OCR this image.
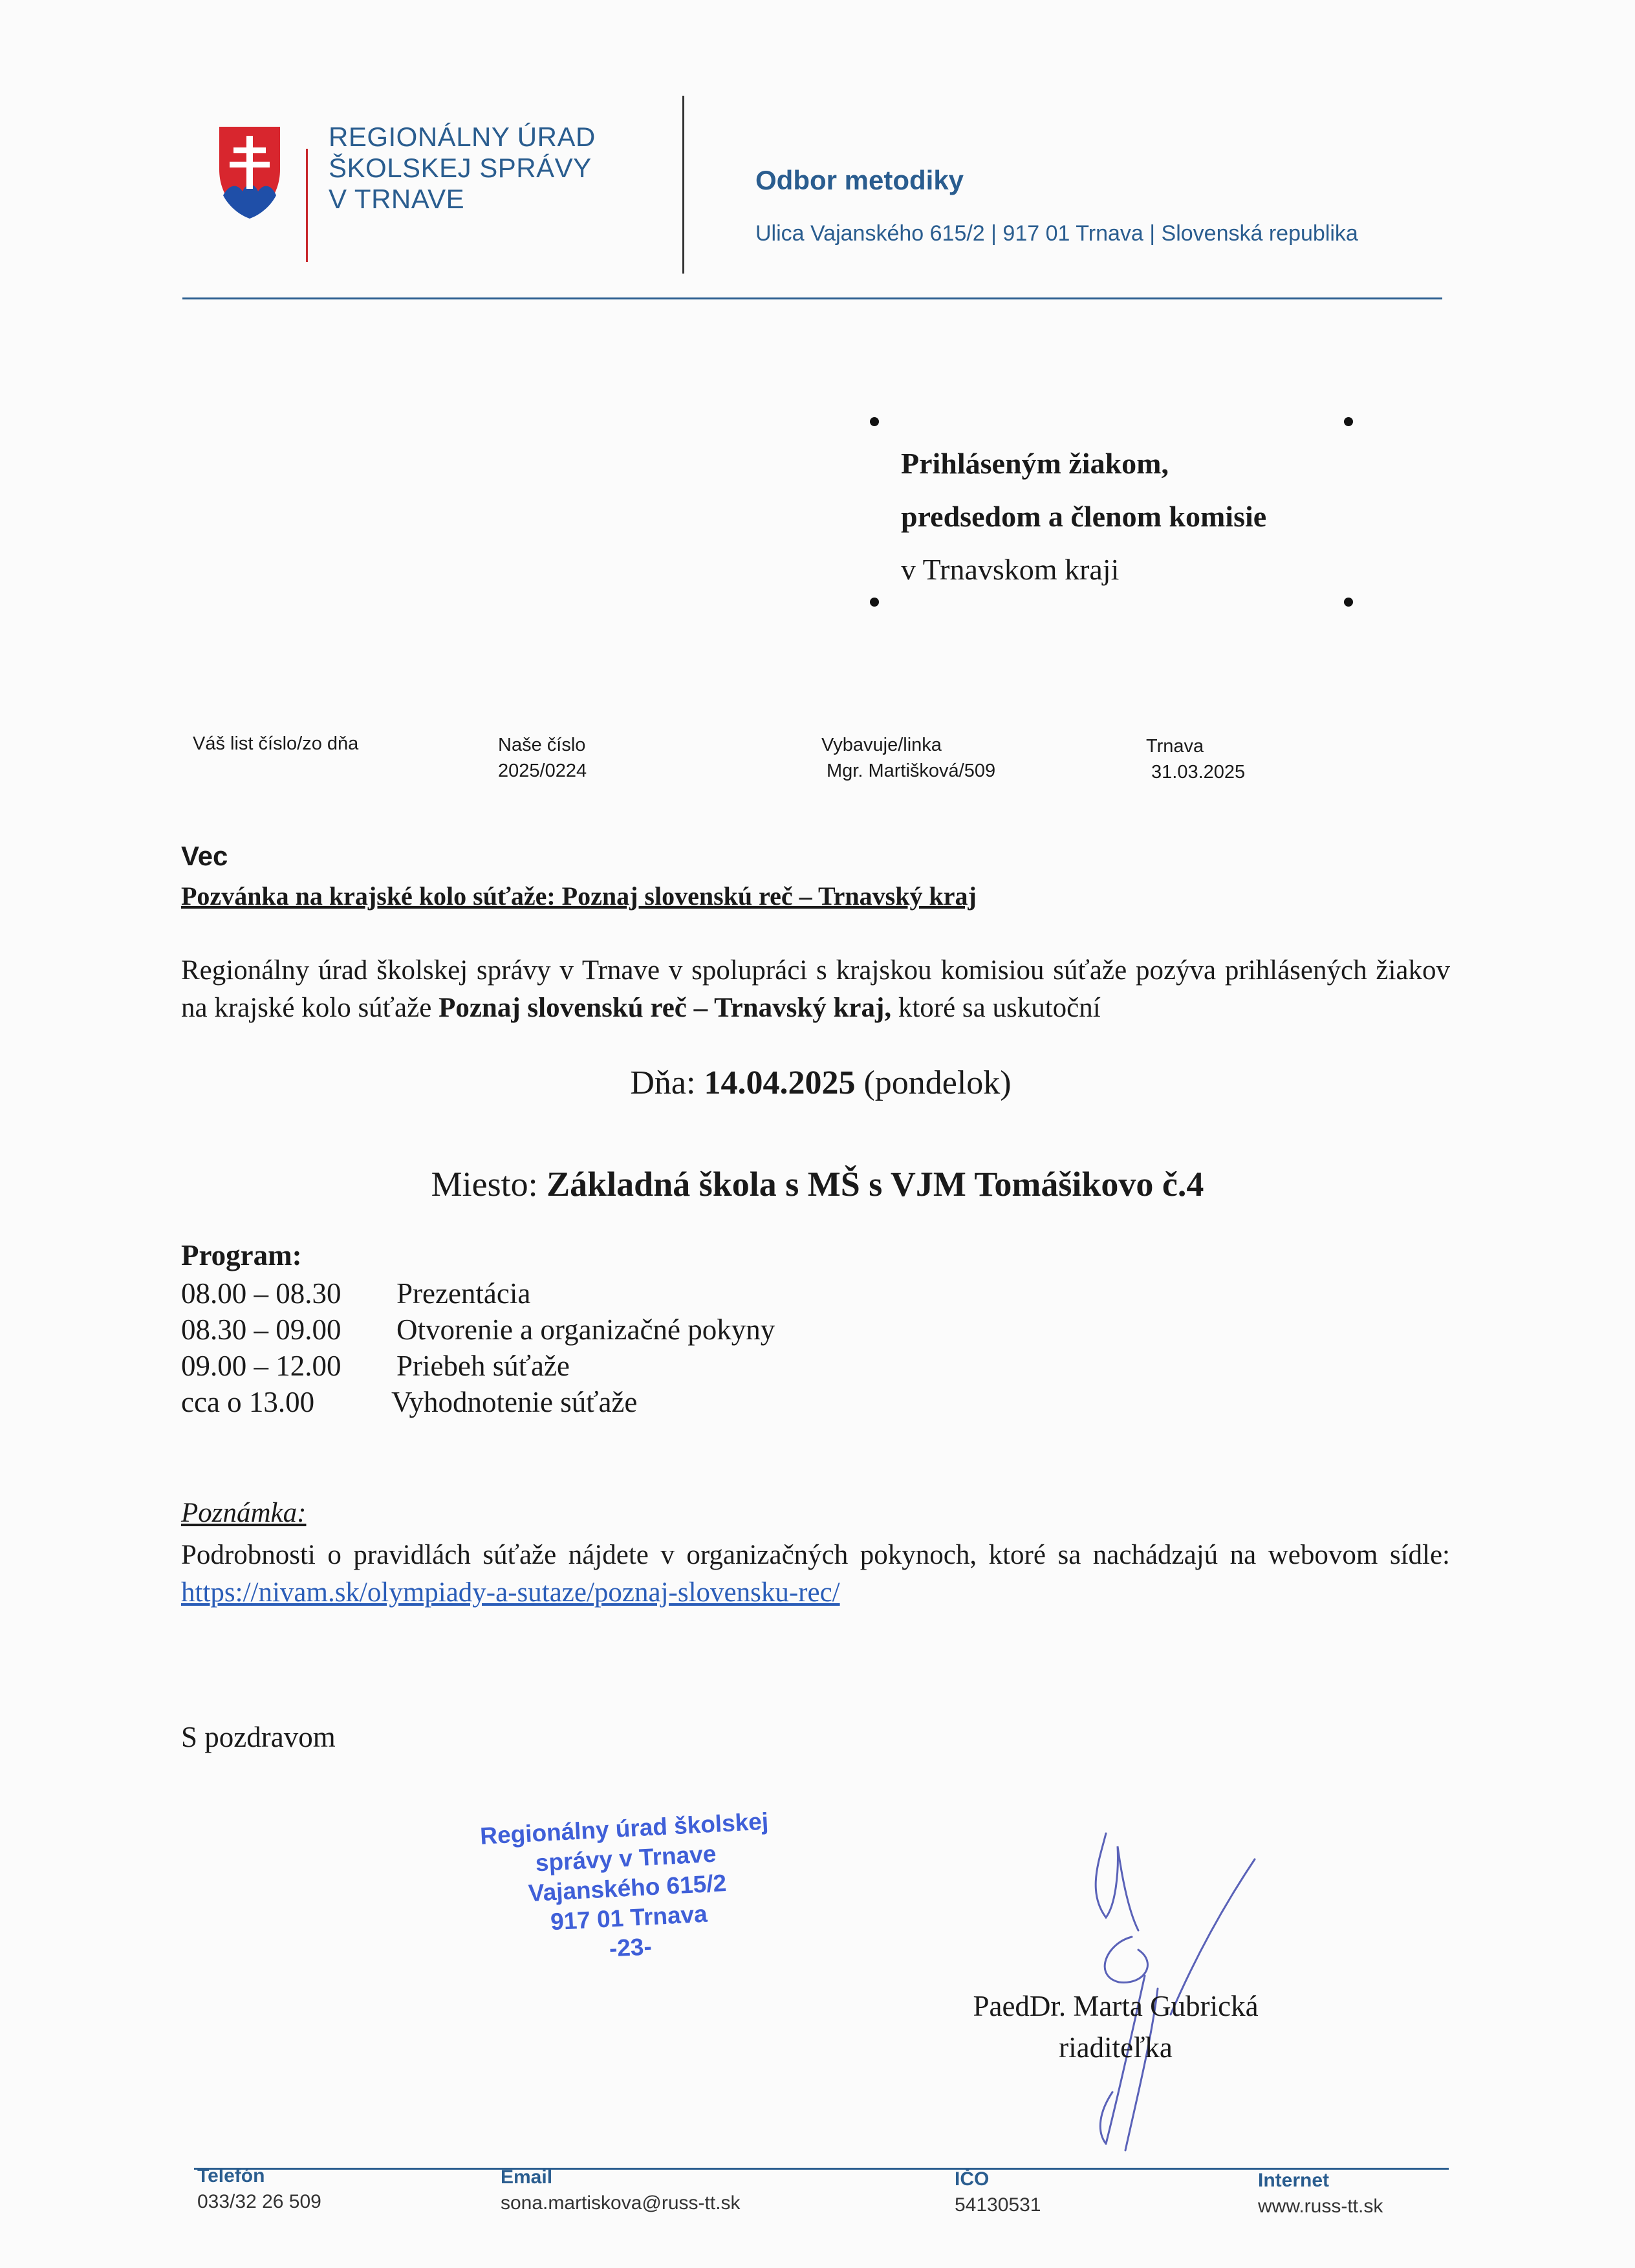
REGIONÁLNY ÚRAD
ŠKOLSKEJ SPRÁVY
V TRNAVE
Odbor metodiky
Ulica Vajanského 615/2 | 917 01 Trnava | Slovenská republika
Prihláseným žiakom,
predsedom a členom komisie
v Trnavskom kraji
Váš list číslo/zo dňa	Naše číslo
2025/0224
Vybavuje/linka
Mgr. Martišková/509
Trnava
31.03.2025
Vec
Pozvánka na krajské kolo súťaže: Poznaj slovenskú reč – Trnavský kraj
Regionálny úrad školskej správy v Trnave v spolupráci s krajskou komisiou súťaže pozýva prihlásených žiakov na krajské kolo súťaže Poznaj slovenskú reč – Trnavský kraj, ktoré sa uskutoční
Dňa: 14.04.2025 (pondelok)
Miesto: Základná škola s MŠ s VJM Tomášikovo č.4
Program:
08.00 – 08.30 Prezentácia
08.30 – 09.00 Otvorenie a organizačné pokyny
09.00 – 12.00 Priebeh súťaže
cca o 13.00	Vyhodnotenie súťaže
Poznámka:
Podrobnosti o pravidlách súťaže nájdete v organizačných pokynoch, ktoré sa nachádzajú na webovom sídle: https://nivam.sk/olympiady-a-sutaze/poznaj-slovensku-rec/
S pozdravom
Regionálny úrad školskej
správy v Trnave
Vajanského 615/2
917 01 Trnava
-23-
PaedDr. Marta Gubrická
riaditeľka
Telefón
033/32 26 509
Email
sona.martiskova@russ-tt.sk
IČO
54130531
Internet
www.russ-tt.sk
